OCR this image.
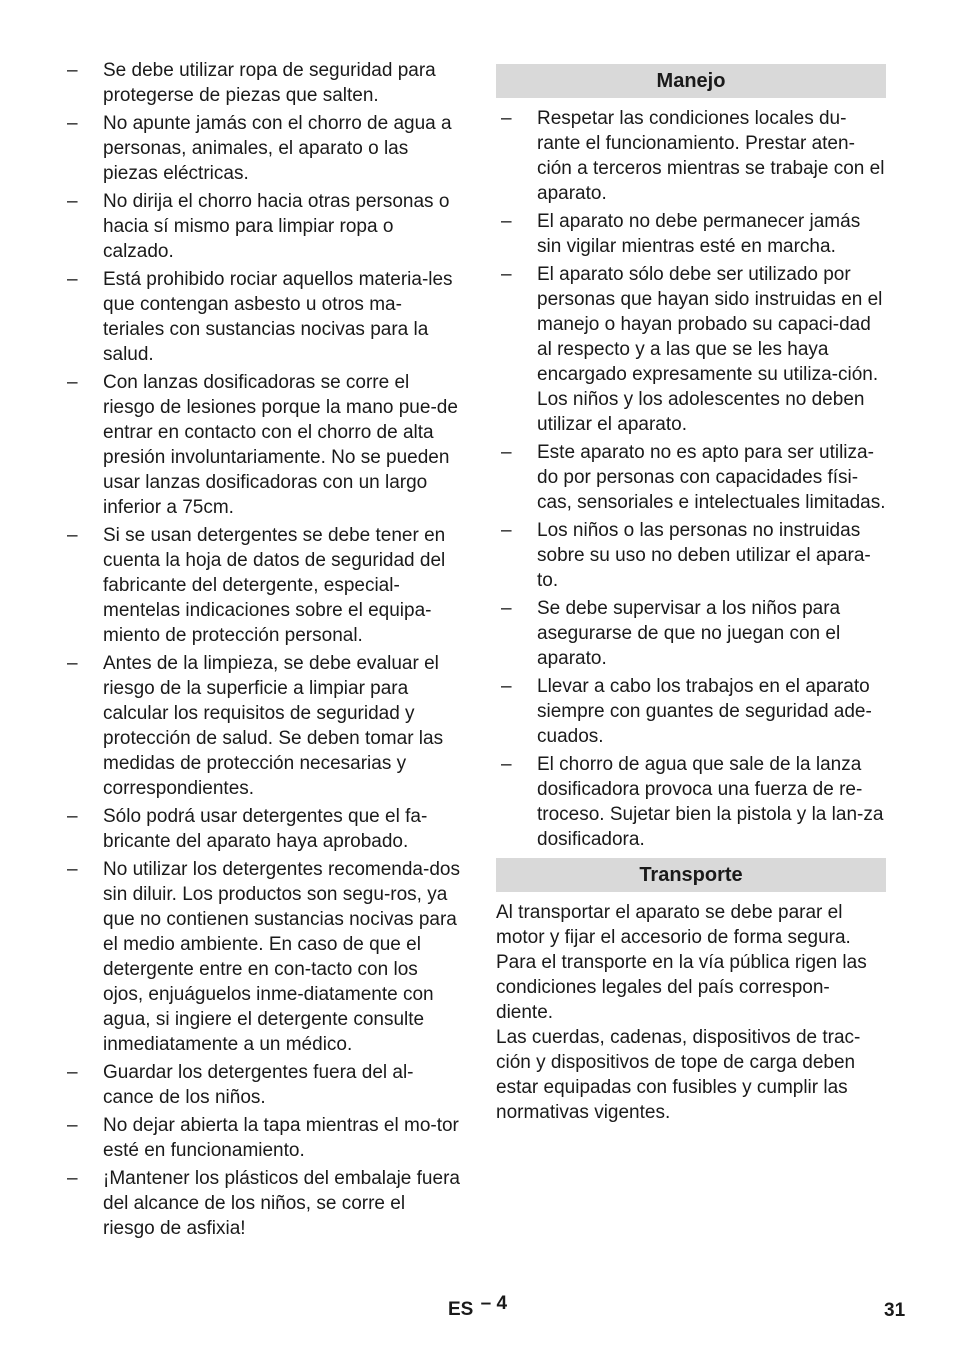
– Se debe utilizar ropa de seguridad para protegerse de piezas que salten.
– No apunte jamás con el chorro de agua a personas, animales, el aparato o las piezas eléctricas.
– No dirija el chorro hacia otras personas o hacia sí mismo para limpiar ropa o calzado.
– Está prohibido rociar aquellos materia-les que contengan asbesto u otros ma-teriales con sustancias nocivas para la salud.
– Con lanzas dosificadoras se corre el riesgo de lesiones porque la mano pue-de entrar en contacto con el chorro de alta presión involuntariamente. No se pueden usar lanzas dosificadoras con un largo inferior a 75cm.
– Si se usan detergentes se debe tener en cuenta la hoja de datos de seguridad del fabricante del detergente, especial-mentelas indicaciones sobre el equipa-miento de protección personal.
– Antes de la limpieza, se debe evaluar el riesgo de la superficie a limpiar para calcular los requisitos de seguridad y protección de salud. Se deben tomar las medidas de protección necesarias y correspondientes.
– Sólo podrá usar detergentes que el fa-bricante del aparato haya aprobado.
– No utilizar los detergentes recomenda-dos sin diluir. Los productos son segu-ros, ya que no contienen sustancias nocivas para el medio ambiente. En caso de que el detergente entre en con-tacto con los ojos, enjuáguelos inme-diatamente con agua, si ingiere el detergente consulte inmediatamente a un médico.
– Guardar los detergentes fuera del al-cance de los niños.
– No dejar abierta la tapa mientras el mo-tor esté en funcionamiento.
– ¡Mantener los plásticos del embalaje fuera del alcance de los niños, se corre el riesgo de asfixia!
Manejo
– Respetar las condiciones locales du-rante el funcionamiento. Prestar aten-ción a terceros mientras se trabaje con el aparato.
– El aparato no debe permanecer jamás sin vigilar mientras esté en marcha.
– El aparato sólo debe ser utilizado por personas que hayan sido instruidas en el manejo o hayan probado su capaci-dad al respecto y a las que se les haya encargado expresamente su utiliza-ción. Los niños y los adolescentes no deben utilizar el aparato.
– Este aparato no es apto para ser utiliza-do por personas con capacidades físi-cas, sensoriales e intelectuales limitadas.
– Los niños o las personas no instruidas sobre su uso no deben utilizar el apara-to.
– Se debe supervisar a los niños para asegurarse de que no juegan con el aparato.
– Llevar a cabo los trabajos en el aparato siempre con guantes de seguridad ade-cuados.
– El chorro de agua que sale de la lanza dosificadora provoca una fuerza de re-troceso. Sujetar bien la pistola y la lan-za dosificadora.
Transporte

Al transportar el aparato se debe parar el motor y fijar el accesorio de forma segura. Para el transporte en la vía pública rigen las condiciones legales del país correspon-diente.

Las cuerdas, cadenas, dispositivos de trac-ción y dispositivos de tope de carga deben estar equipadas con fusibles y cumplir las normativas vigentes.

ES – 4	31
